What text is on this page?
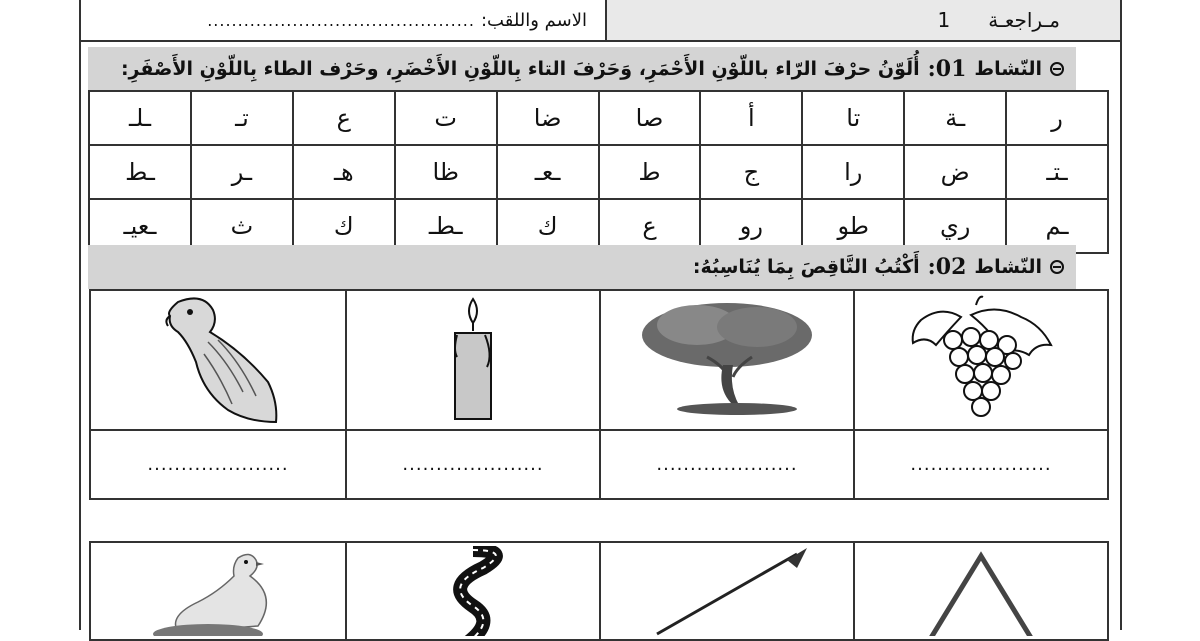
مـراجعـة
1
الاسم واللقب:
............................................
النّشاط
01:
أُلَوّنُ حرْفَ الرّاء باللّوْنِ الأَحْمَرِ، وَحَرْفَ التاء بِاللّوْنِ الأَخْضَرِ، وحَرْف الطاء بِاللّوْنِ الأَصْفَرِ:
ر	ـة	تا	أ	صا	ضا	ت	ع	تـ	ـلـ
ـتـ	ض	را	ج	ط	ـعـ	ظا	هـ	ـر	ـط
ـم	ري	طو	رو	ع	ك	ـطـ	ك	ث	ـعيـ
النّشاط
02:
أَكْتُبُ النَّاقِصَ بِمَا يُنَاسِبُهُ:
.....................
.....................
.....................
.....................
